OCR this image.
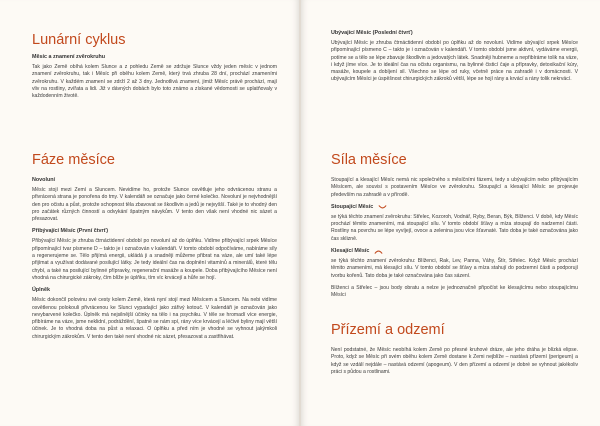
Lunární cyklus
Měsíc a znamení zvěrokruhu

Tak jako Země obíhá kolem Slunce a z pohledu Země se zdržuje Slunce vždy jeden měsíc v jednom znamení zvěrokruhu, tak i Měsíc při oběhu kolem Země, který trvá zhruba 28 dní, prochází znameními zvěrokruhu. V každém znamení se zdrží 2 až 3 dny. Jednotlivá znamení, jimiž Měsíc právě prochází, mají vliv na rostliny, zvířata a lidi. Již v dávných dobách bylo toto známo a získané vědomosti se uplatňovaly v každodenním životě.

Fáze měsíce
Novoluní

Měsíc stojí mezi Zemí a Sluncem. Nevidíme ho, protože Slunce osvětluje jeho odvrácenou stranu a přivrácená strana je ponořena do tmy. V kalendáři se označuje jako černé kolečko. Novoluní je nejvhodnější den pro očistu a půst, protože schopnost těla zbavovat se škodlivin a jedů je nejvyšší. Také je to vhodný den pro začátek různých činností a odvykání špatným návykům. V tento den však není vhodné nic sázet a přesazovat.

Přibývající Měsíc (První čtvrť)

Přibývající Měsíc je zhruba čtrnáctidenní období po novoluní až do úplňku. Vidíme přibývající srpek Měsíce připomínající tvar písmene D – takto je i označován v kalendáři. V tomto období odpočíváme, nabíráme síly a regenerujeme se. Tělo přijímá energii, ukládá ji a snadněji můžeme přibrat na váze, ale umí také lépe přijímat a využívat dodávané posilující látky. Je tedy ideální čas na doplnění vitamínů a minerálů, které tělu chybí, a také na posilující bylinné přípravky, regenerační masáže a koupele. Doba přibývajícího Měsíce není vhodná na chirurgické zákroky, čím blíže je úplňku, tím víc krvácejí a hůře se hojí.

Úplněk

Měsíc dokončil polovinu své cesty kolem Země, která nyní stojí mezi Měsícem a Sluncem. Na nebi vidíme osvětlenou polokouli přivrácenou ke Slunci vypadající jako zářivý kotouč. V kalendáři je označován jako nevybarvené kolečko. Úplněk má nejsilnější účinky na tělo i na psychiku. V těle se hromadí více energie, přibíráme na váze, jsme neklidní, podráždění, špatně se nám spí, rány více krvácejí a léčivé byliny mají větší účinek. Je to vhodná doba na půst a relaxaci. O úplňku a před ním je vhodné se vyhnout jakýmkoli chirurgickým zákrokům. V tento den také není vhodné nic sázet, přesazovat a zastřihávat.

Ubývající Měsíc (Poslední čtvrť)

Ubývající Měsíc je zhruba čtrnáctidenní období po úplňku až do novoluní. Vidíme ubývající srpek Měsíce připomínající písmeno C – takto je i označován v kalendáři. V tomto období jsme aktivní, vydáváme energii, potíme se a tělo se lépe zbavuje škodlivin a jedovatých látek. Snadněji hubneme a nepřibíráme tolik na váze, i když jíme více. Je to ideální čas na očistu organismu, na bylinné čisticí čaje a přípravky, detoxikační kúry, masáže, koupele a dobíjení sil. Všechno se lépe od ruky, včetně práce na zahradě i v domácnosti. V ubývajícím Měsíci je úspěšnost chirurgických zákroků větší, lépe se hojí rány a krvácí a rány tolik nekrvácí.

Síla měsíce

Stoupající a klesající Měsíc nemá nic společného s měsíčními fázemi, tedy s ubývajícím nebo přibývajícím Měsícem, ale souvisí s postavením Měsíce ve zvěrokruhu. Stoupající a klesající Měsíc se projevuje především na zahradě a v přírodě.

Stoupající Měsíc

se týká těchto znamení zvěrokruhu: Střelec, Kozoroh, Vodnář, Ryby, Beran, Býk, Blíženci. V době, kdy Měsíc prochází těmito znameními, má stoupající sílu. V tomto období šťávy a míza stoupají do nadzemní části. Rostliny na povrchu se lépe vyvíjejí, ovoce a zelenina jsou více šťavnaté. Tato doba je také označována jako čas sklizně.

Klesající Měsíc

se týká těchto znamení zvěrokruhu: Blíženci, Rak, Lev, Panna, Váhy, Štír, Střelec. Když Měsíc prochází těmito znameními, má klesající sílu. V tomto období se šťávy a míza stahují do podzemní části a podporují tvorbu kořenů. Tato doba je také označována jako čas sázení.

Blíženci a Střelec – jsou body obratu a nelze je jednoznačně připočíst ke klesajícímu nebo stoupajícímu Měsíci

Přízemí a odzemí

Není podstatné, že Měsíc neobíhá kolem Země po přesné kruhové dráze, ale jeho dráha je blízká elipse. Proto, když se Měsíc při svém oběhu kolem Země dostane k Zemi nejblíže – nastává přízemí (perigeum) a když se vzdálí nejdále – nastává odzemí (apogeum). V den přízemí a odzemí je dobré se vyhnout jakékoliv práci s půdou a rostlinami.
